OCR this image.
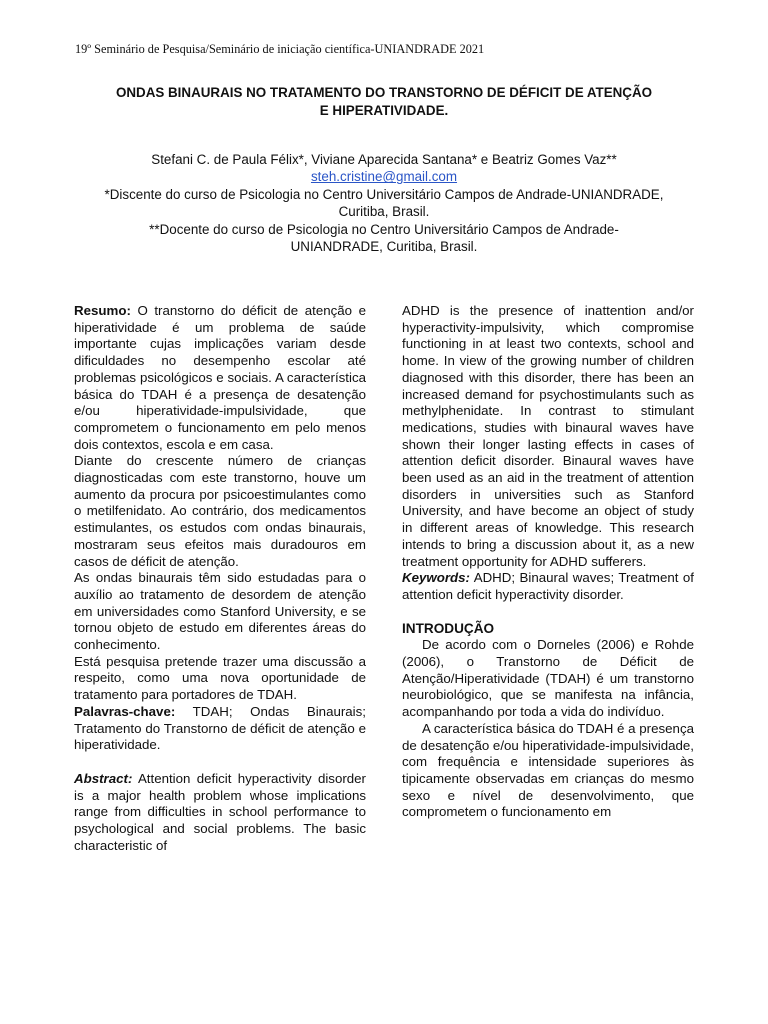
19º Seminário de Pesquisa/Seminário de iniciação científica-UNIANDRADE 2021
ONDAS BINAURAIS NO TRATAMENTO DO TRANSTORNO DE DÉFICIT DE ATENÇÃO
E HIPERATIVIDADE.
Stefani C. de Paula Félix*, Viviane Aparecida Santana* e Beatriz Gomes Vaz**
steh.cristine@gmail.com
*Discente do curso de Psicologia no Centro Universitário Campos de Andrade-UNIANDRADE,
Curitiba, Brasil.
**Docente do curso de Psicologia no Centro Universitário Campos de Andrade-
UNIANDRADE, Curitiba, Brasil.

Resumo: O transtorno do déficit de atenção e hiperatividade é um problema de saúde importante cujas implicações variam desde dificuldades no desempenho escolar até problemas psicológicos e sociais. A característica básica do TDAH é a presença de desatenção e/ou hiperatividade-impulsividade, que comprometem o funcionamento em pelo menos dois contextos, escola e em casa.

Diante do crescente número de crianças diagnosticadas com este transtorno, houve um aumento da procura por psicoestimulantes como o metilfenidato. Ao contrário, dos medicamentos estimulantes, os estudos com ondas binaurais, mostraram seus efeitos mais duradouros em casos de déficit de atenção.

As ondas binaurais têm sido estudadas para o auxílio ao tratamento de desordem de atenção em universidades como Stanford University, e se tornou objeto de estudo em diferentes áreas do conhecimento.

Está pesquisa pretende trazer uma discussão a respeito, como uma nova oportunidade de tratamento para portadores de TDAH.

Palavras-chave: TDAH; Ondas Binaurais; Tratamento do Transtorno de déficit de atenção e hiperatividade.

Abstract: Attention deficit hyperactivity disorder is a major health problem whose implications range from difficulties in school performance to psychological and social problems. The basic characteristic of

ADHD is the presence of inattention and/or hyperactivity-impulsivity, which compromise functioning in at least two contexts, school and home. In view of the growing number of children diagnosed with this disorder, there has been an increased demand for psychostimulants such as methylphenidate. In contrast to stimulant medications, studies with binaural waves have shown their longer lasting effects in cases of attention deficit disorder. Binaural waves have been used as an aid in the treatment of attention disorders in universities such as Stanford University, and have become an object of study in different areas of knowledge. This research intends to bring a discussion about it, as a new treatment opportunity for ADHD sufferers.

Keywords: ADHD; Binaural waves; Treatment of attention deficit hyperactivity disorder.

INTRODUÇÃO

De acordo com o Dorneles (2006) e Rohde (2006), o Transtorno de Déficit de Atenção/Hiperatividade (TDAH) é um transtorno neurobiológico, que se manifesta na infância, acompanhando por toda a vida do indivíduo.

A característica básica do TDAH é a presença de desatenção e/ou hiperatividade-impulsividade, com frequência e intensidade superiores às tipicamente observadas em crianças do mesmo sexo e nível de desenvolvimento, que comprometem o funcionamento em
